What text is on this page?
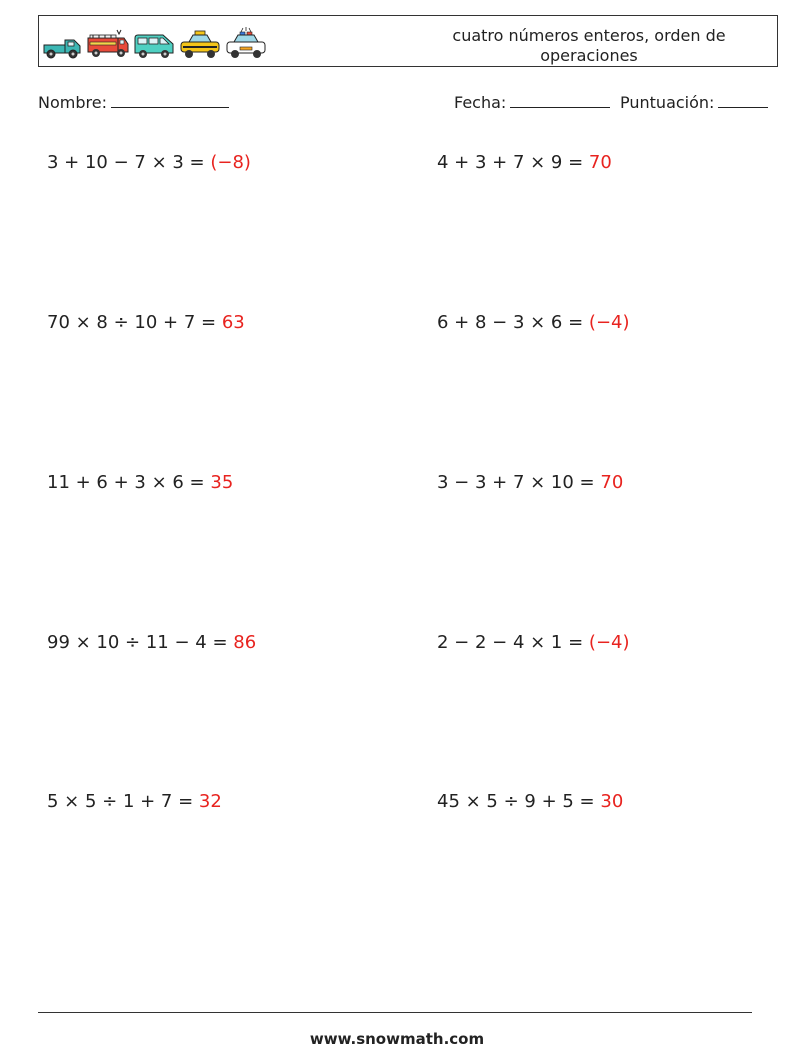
cuatro números enteros, orden de operaciones
Nombre:	Fecha:	Puntuación:
3 + 10 − 7 × 3 = (−8)	4 + 3 + 7 × 9 = 70
70 × 8 ÷ 10 + 7 = 63	6 + 8 − 3 × 6 = (−4)
11 + 6 + 3 × 6 = 35	3 − 3 + 7 × 10 = 70
99 × 10 ÷ 11 − 4 = 86	2 − 2 − 4 × 1 = (−4)
5 × 5 ÷ 1 + 7 = 32	45 × 5 ÷ 9 + 5 = 30
www.snowmath.com
